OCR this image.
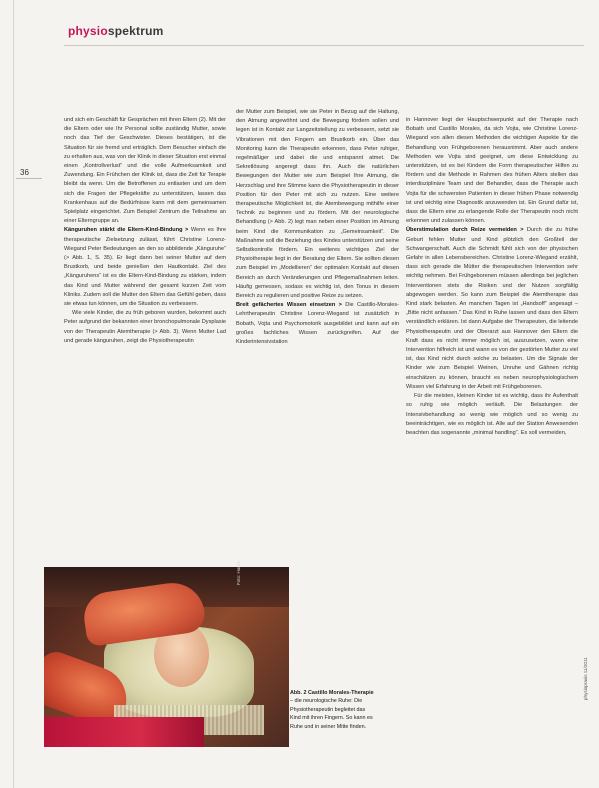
physiospektrum
36

und sich ein Geschäft für Gesprächen mit ihren Eltern (2). Mit der die Eltern oder wie Ihr Personal sollte zuständig Mutter, sowie noch das Tief der Geschwister. Dieses bestätigen, ist die Situation für sie fremd und erträglich. Dem Besucher einfach die zu erhalten aus, was von der Klinik in dieser Situation erst einmal einen „Kontrollverlust“ und die volle Aufmerksamkeit und Zuwendung. Ein Frühchen der Klinik ist, dass die Zeit für Terapie bleibt da wenn. Um die Betroffenen zu entlasten und um dem sich die Fragen der Pflegekräfte zu unterstützen, lassen das Krankenhaus auf die Bedürfnisse kann mit dem gemeinsamen Spielplatz eingerichtet. Zum Beispiel Zentrum die Teilnahme an einer Elterngruppe an.

Känguruhen stärkt die Eltern-Kind-Bindung > Wenn es Ihre therapeutische Zielsetzung zulässt, führt Christine Lorenz-Wiegand Peter Bedeutungen an den so abbildende „Känguruhe“ (> Abb. 1, S. 35). Er liegt dann bei seiner Mutter auf dem Brustkorb, und beide genießen den Hautkontakt. Ziel des „Känguruhens“ ist es die Eltern-Kind-Bindung zu stärken, indem das Kind und Mutter während der gesamt kurzen Zeit vom Kliniks. Zudem soll die Mutter den Eltern das Gefühl geben, dass sie etwas tun können, um die Situation zu verbessern.

Wie viele Kinder, die zu früh geboren wurden, bekommt auch Peter aufgrund der bekannten einer bronchopulmonale Dysplasie von der Therapeutin Atemtherapie (> Abb. 3). Wenn Mutter Lad und gerade känguruhen, zeigt die Physiotherapeutin

der Mutter zum Beispiel, wie sie Peter in Bezug auf die Haltung, den Atmung angewöhnt und die Bewegung fördern sollen und legen ist in Kontakt zur Langzeitstellung zu verbessern, setzt sie Vibrationen mit den Fingern am Brustkorb ein. Über das Monitoring kann die Therapeutin erkennen, dass Peter ruhiger, regelmäßiger und dabei die und entspannt atmet. Die Sekretlösung angeregt dass ihn. Auch die natürlichen Bewegungen der Mutter wie zum Beispiel Ihre Atmung, die Herzschlag und ihre Stimme kann die Physiotherapeutin in dieser Position für den Peter mit sich zu nutzen. Eine weitere therapeutische Möglichkeit ist, die Atembewegung mithilfe einer Technik zu beginnen und zu fördern. Mit der neurologische Behandlung (> Abb. 2) legt man neben einer Position im Atmung beim Kind die Kommunikation zu „Gemeinsamkeit“. Die Maßnahme soll die Beziehung des Kindes unterstützen und seine Selbstkontrolle fördern. Ein weiteres wichtiges Ziel der Physiotherapie liegt in der Beratung der Eltern. Sie sollten diesen zum Beispiel im „Modellieren“ der optimalen Kontakt auf diesen Bereich an durch Veränderungen und Pflegemaßnahmen leiten. Häufig gemessen, sodass es wichtig ist, den Tonus in diesem Bereich zu regulieren und positive Reize zu setzen.

Breit gefächertes Wissen einsetzen > Die Castillo-Morales-Lehrtherapeutin Christine Lorenz-Wiegand ist zusätzlich in Bobath, Vojta und Psychomotorik ausgebildet und kann auf ein großes fachliches Wissen zurückgreifen. Auf der Kinderintensivstation

in Hannover liegt der Hauptschwerpunkt auf der Therapie nach Bobath und Castillo Morales, da sich Vojta, wie Christine Lorenz-Wiegand von allen diesen Methoden die wichtigen Aspekte für die Behandlung von Frühgeborenen herausnimmt. Aber auch andere Methoden wie Vojta sind geeignet, um diese Entwicklung zu unterstützen, ist es bei Kindern die Form therapeutischer Hilfen zu fördern und die Methode in Rahmen des frühen Alters stellen das interdisziplinäre Team und der Behandler, dass die Therapie auch Vojta für die schwersten Patienten in dieser frühen Phase notwendig ist und wichtig eine Diagnostik anzuwenden ist. Ein Grund dafür ist, dass die Eltern eine zu erlangende Rolle der Therapeutin noch nicht erkennen und zulassen können.

Überstimulation durch Reize vermeiden > Durch die zu frühe Geburt fehlen Mutter und Kind plötzlich den Großteil der Schwangerschaft. Auch die Schmidt fühlt sich von der physischen Gefahr in allen Lebensbereichen. Christine Lorenz-Wiegand erzählt, dass sich gerade die Mütter die therapeutischen Intervention sehr wichtig nehmen. Bei Frühgeborenen müssen allerdings bei jeglichen Interventionen stets die Risiken und der Nutzen sorgfältig abgewogen werden. So kann zum Beispiel die Atemtherapie das Kind stark belasten. An manchen Tagen ist „Handsoff“ angesagt – „Bitte nicht anfassen.“ Das Kind in Ruhe lassen und dass den Eltern verständlich erklären. Ist dann Aufgabe der Therapeuten, die leitende Physiotherapeutin und der Oberarzt aus Hannover den Eltern die Kraft dass es nicht immer möglich ist, auszusetzen, wann eine Intervention hilfreich ist und wann es von der gestörten Mutter zu viel ist, das Kind nicht durch solche zu belasten. Um die Signale der Kinder wie zum Beispiel Weinen, Unruhe und Gähnen richtig einschätzen zu können, braucht es neben neurophysiologischem Wissen viel Erfahrung in der Arbeit mit Frühgeborenen.

Für die meisten, kleinen Kinder ist es wichtig, dass ihr Aufenthalt so ruhig wie möglich verläuft. Die Belastungen der Intensivbehandlung so wenig wie möglich und so wenig zu beeinträchtigen, wie es möglich ist. Alle auf der Station Anwesenden beachten das sogenannte „minimal handling“. Es soll vermeiden,

Foto: Hauck
Abb. 2 Castillo Morales-Therapie – die neurologische Ruhe: Die Physiotherapeutin begleitet das Kind mit ihren Fingern. So kann es Ruhe und in seiner Mitte finden.
physiopraxis 11/2011
